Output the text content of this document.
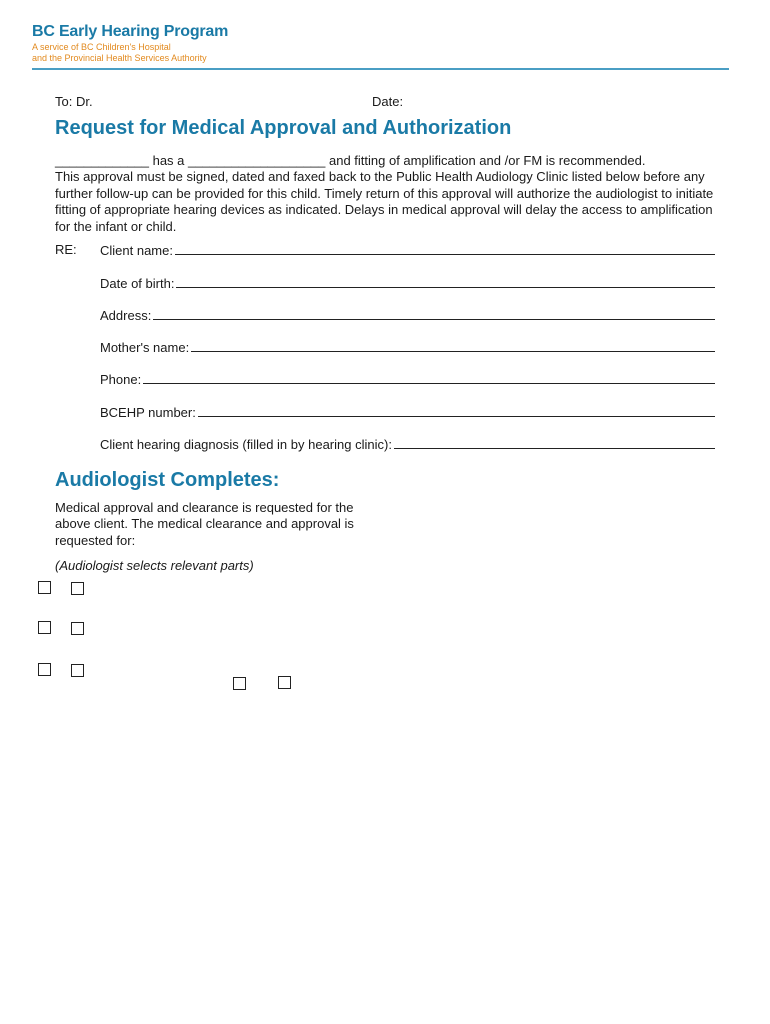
BC Early Hearing Program
A service of BC Children's Hospital
and the Provincial Health Services Authority
To: Dr.	Date:
Request for Medical Approval and Authorization

_____________ has a ___________________ and fitting of amplification and /or FM is recommended.

This approval must be signed, dated and faxed back to the Public Health Audiology Clinic listed below before any further follow-up can be provided for this child. Timely return of this approval will authorize the audiologist to initiate fitting of appropriate hearing devices as indicated. Delays in medical approval will delay the access to amplification for the infant or child.

RE: Client name:
Date of birth:
Address:
Mother's name:
Phone:
BCEHP number:
Client hearing diagnosis (filled in by hearing clinic):
Audiologist Completes:

Medical approval and clearance is requested for the above client. The medical clearance and approval is requested for:

(Audiologist selects relevant parts)
